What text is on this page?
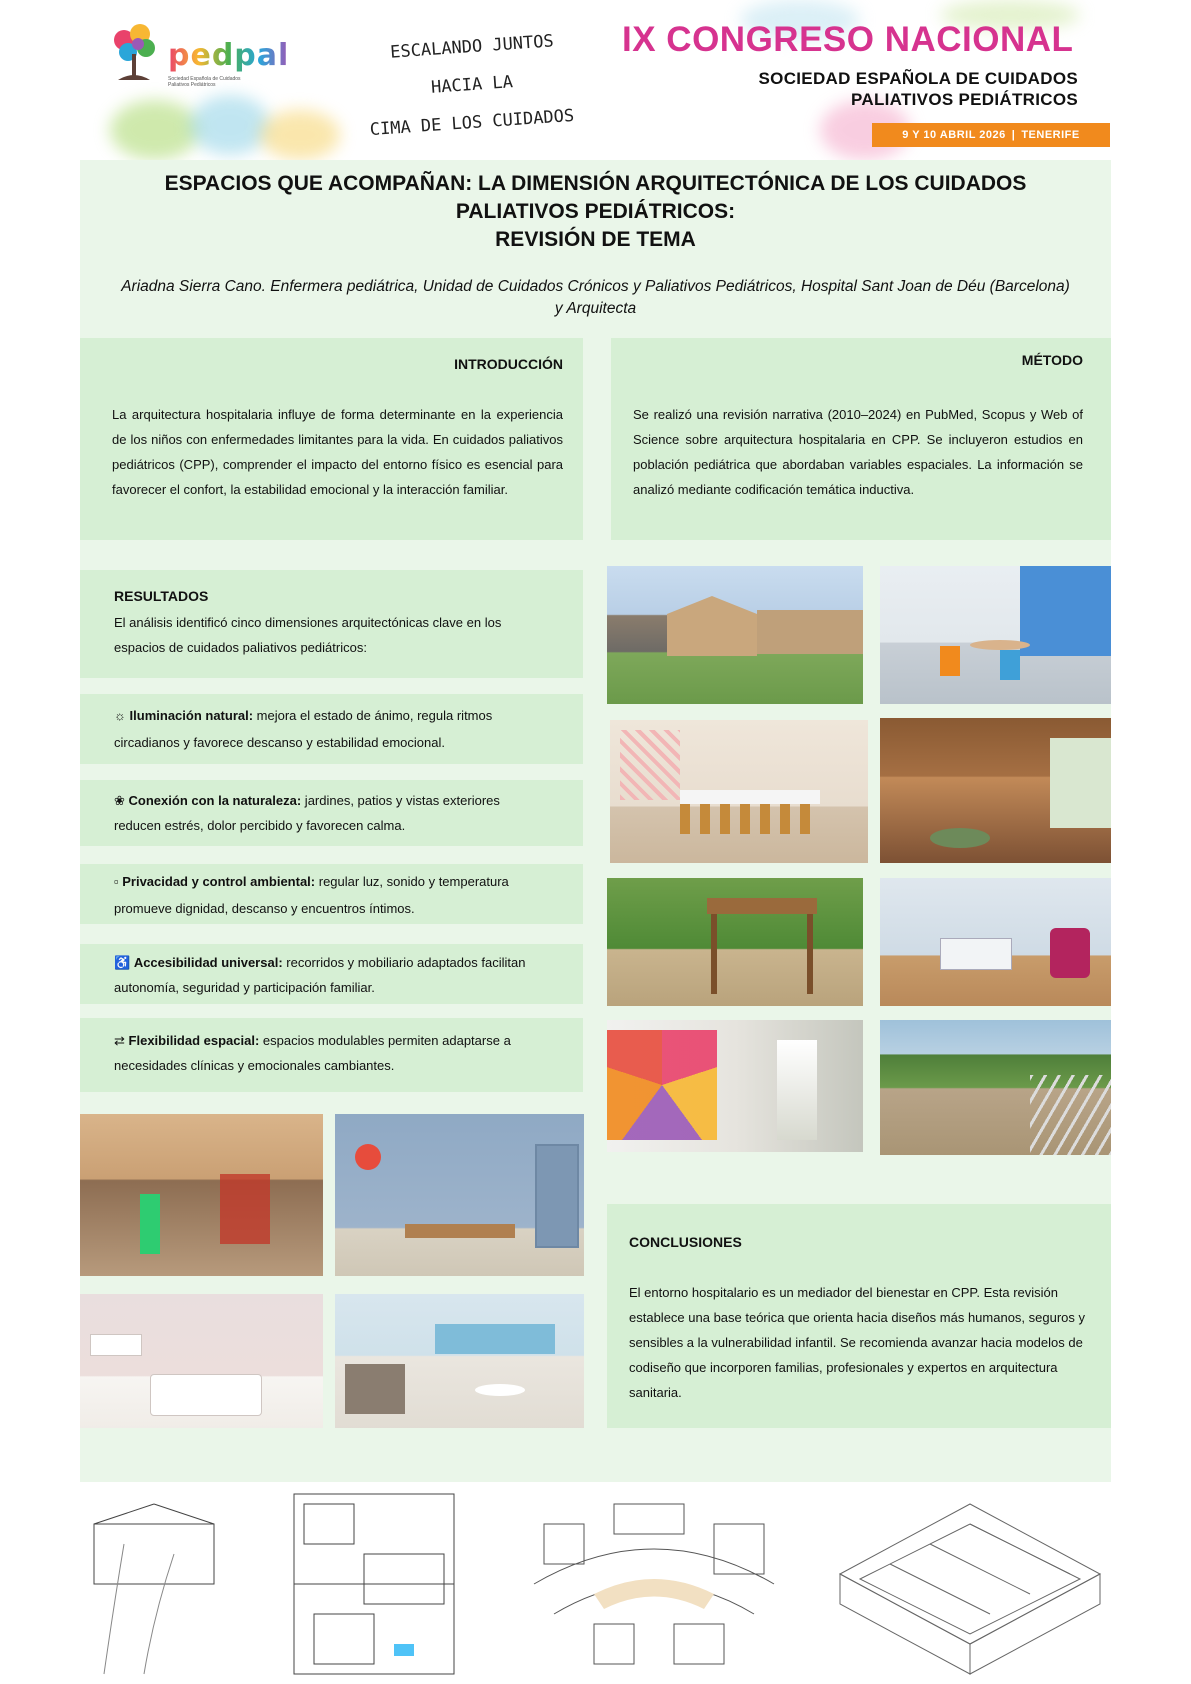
pedpal
Sociedad Española de Cuidados Paliativos Pediátricos
ESCALANDO JUNTOS
HACIA LA
CIMA DE LOS CUIDADOS
IX CONGRESO NACIONAL
SOCIEDAD ESPAÑOLA DE CUIDADOS
PALIATIVOS PEDIÁTRICOS
9 Y 10 ABRIL 2026 | TENERIFE
ESPACIOS QUE ACOMPAÑAN: LA DIMENSIÓN ARQUITECTÓNICA DE LOS CUIDADOS
PALIATIVOS PEDIÁTRICOS:
REVISIÓN DE TEMA
Ariadna Sierra Cano. Enfermera pediátrica, Unidad de Cuidados Crónicos y Paliativos Pediátricos, Hospital Sant Joan de Déu (Barcelona) y Arquitecta
INTRODUCCIÓN
La arquitectura hospitalaria influye de forma determinante en la experiencia de los niños con enfermedades limitantes para la vida. En cuidados paliativos pediátricos (CPP), comprender el impacto del entorno físico es esencial para favorecer el confort, la estabilidad emocional y la interacción familiar.
MÉTODO
Se realizó una revisión narrativa (2010–2024) en PubMed, Scopus y Web of Science sobre arquitectura hospitalaria en CPP. Se incluyeron estudios en población pediátrica que abordaban variables espaciales. La información se analizó mediante codificación temática inductiva.
RESULTADOS
El análisis identificó cinco dimensiones arquitectónicas clave en los espacios de cuidados paliativos pediátricos:

☼ Iluminación natural: mejora el estado de ánimo, regula ritmos circadianos y favorece descanso y estabilidad emocional.

❀ Conexión con la naturaleza: jardines, patios y vistas exteriores reducen estrés, dolor percibido y favorecen calma.

▫ Privacidad y control ambiental: regular luz, sonido y temperatura promueve dignidad, descanso y encuentros íntimos.

♿ Accesibilidad universal: recorridos y mobiliario adaptados facilitan autonomía, seguridad y participación familiar.

⇄ Flexibilidad espacial: espacios modulables permiten adaptarse a necesidades clínicas y emocionales cambiantes.

CONCLUSIONES
El entorno hospitalario es un mediador del bienestar en CPP. Esta revisión establece una base teórica que orienta hacia diseños más humanos, seguros y sensibles a la vulnerabilidad infantil. Se recomienda avanzar hacia modelos de codiseño que incorporen familias, profesionales y expertos en arquitectura sanitaria.
